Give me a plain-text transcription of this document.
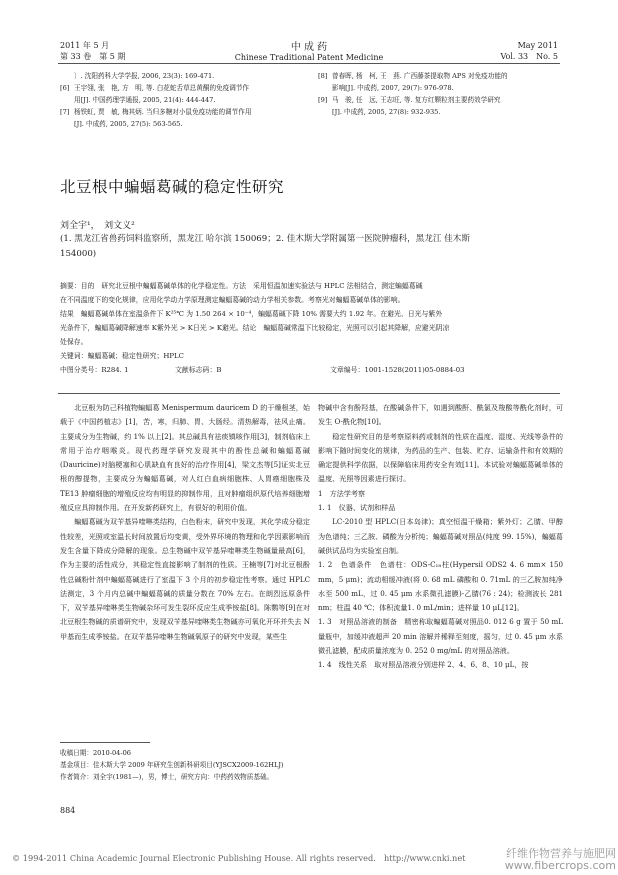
2011 年 5 月
第 33 卷　第 5 期
中 成 药
Chinese Traditional Patent Medicine
May 2011
Vol. 33　No. 5
〕. 沈阳药科大学学报, 2006, 23(3): 169-471.
[6] 王宇翎, 张　艳, 方　明, 等. 白花蛇舌草总黄酮的免疫调节作
用[J]. 中国药理学通报, 2005, 21(4): 444-447.
[7] 杨铁虹, 贾　敏, 梅其炳. 当归多糖对小鼠免疫功能的调节作用
[J]. 中成药, 2005, 27(5): 563-565.
[8] 曾春晖, 杨　柯, 王　燕. 广西藤茶提取物 APS 对免疫功能的
影响[J]. 中成药, 2007, 29(7): 976-978.
[9] 马　骏, 任　远, 王志旺, 等. 复方红颗粒剂主要药效学研究
[J]. 中成药, 2005, 27(8): 932-935.
北豆根中蝙蝠葛碱的稳定性研究
刘全宇¹，　刘文义²
(1. 黑龙江省兽药饲料监察所，黑龙江 哈尔滨 150069；2. 佳木斯大学附属第一医院肿瘤科，黑龙江 佳木斯
154000)
摘要：目的　研究北豆根中蝙蝠葛碱单体的化学稳定性。方法　采用恒温加速实验法与 HPLC 法相结合，测定蝙蝠葛碱
在不同温度下的变化规律，应用化学动力学原理测定蝙蝠葛碱的动力学相关参数。考察光对蝙蝠葛碱单体的影响。
结果　蝙蝠葛碱单体在室温条件下 K²⁵℃ 为 1.50 264 × 10⁻⁴，蝙蝠葛碱下降 10% 需要大约 1.92 年。在避光、日光与紫外
光条件下，蝙蝠葛碱降解速率 K紫外光 > K日光 > K避光。结论　蝙蝠葛碱常温下比较稳定，光照可以引起其降解，应避光阴凉
处保存。
关键词：蝙蝠葛碱；稳定性研究；HPLC
中图分类号：R284. 1	文献标志码：B	文章编号：1001-1528(2011)05-0884-03

北豆根为防己科植物蝙蝠葛 Menispermum dauricem D 的干燥根茎，始载于《中国药植志》[1]，苦，寒，归肺、胃、大肠经。清热解毒，祛风止痛。主要成分为生物碱，约 1% 以上[2]。其总碱具有祛痰镇咳作用[3]，制剂临床上常用于治疗咽喉炎。现代药理学研究发现其中的酚性总碱和蝙蝠葛碱(Dauricine)对脑梗塞和心肌缺血有良好的治疗作用[4]，梁文杰等[5]证实北豆根的醇提物，主要成分为蝙蝠葛碱，对人红白血病细胞株、人胃癌细胞株及 TE13 肿瘤细胞的增殖反应均有明显的抑制作用，且对肿瘤组织原代培养细胞增殖反应具抑制作用。在开发新药研究上，有很好的利用价值。

蝙蝠葛碱为双苄基异喹啉类结构，白色粉末，研究中发现，其化学成分稳定性较差，光照或室温长时间放置后均变黄，受外界环境的物理和化学因素影响而发生含量下降成分降解的现象。总生物碱中双苄基异喹啉类生物碱量最高[6]，作为主要的活性成分，其稳定性直接影响了制剂的性质。王楠等[7]对北豆根酚性总碱粉针剂中蝙蝠葛碱进行了室温下 3 个月的初步稳定性考察。通过 HPLC 法测定，3 个月内总碱中蝙蝠葛碱的质量分数在 70% 左右。在朗烈远原条件下，双苄基异喹啉类生物碱杂环可发生裂环反应生成季铵盐[8]。陈鹦等[9]在对北豆根生物碱的质谱研究中，发现双苄基异喹啉类生物碱亦可氧化开环并失去 N 甲基而生成季铵盐。在双苄基异喹啉生物碱氧原子的研究中发现，某些生

物碱中含有酚羟基，在酸碱条件下，如遇到酸酐、酰氯及羧酸等酰化剂时，可发生 O-酰化物[10]。

稳定性研究目的是考察原料药或制剂的性质在温度、湿度、光线等条件的影响下随时间变化的规律，为药品的生产、包装、贮存、运输条件和有效期的确定提供科学依据，以保障临床用药安全有效[11]。本试验对蝙蝠葛碱单体的温度、光照等因素进行探讨。

1　方法学考察
1. 1　仪器、试剂和样品

LC-2010 型 HPLC(日本岛津)；真空恒温干燥箱；紫外灯；乙腈、甲醇为色谱纯；三乙胺、磷酸为分析纯；蝙蝠葛碱对照品(纯度 99. 15%)，蝙蝠葛碱供试品均为实验室自制。

1. 2　色谱条件　色谱柱：ODS-C₁₈柱(Hypersil ODS2 4. 6 mm× 150 mm，5 μm)；流动相缓冲液(将 0. 68 mL 磷酸和 0. 71mL 的三乙胺加纯净水至 500 mL，过 0. 45 μm 水系微孔滤膜)-乙腈(76 : 24)；检测波长 281 nm；柱温 40 ℃；体积流量1. 0 mL/min；进样量 10 μL[12]。

1. 3　对照品溶液的制备　精密称取蝙蝠葛碱对照品0. 012 6 g 置于 50 mL 量瓶中，加缓冲液超声 20 min 溶解并稀释至刻度，摇匀，过 0. 45 μm 水系微孔滤膜，配成质量浓度为 0. 252 0 mg/mL 的对照品溶液。

1. 4　线性关系　取对照品溶液分别进样 2、4、6、8、10 μL，按

收稿日期：2010-04-06
基金项目：佳木斯大学 2009 年研究生创新科研项目(YJSCX2009-162HLJ)
作者简介：刘全宇(1981—)，男，博士，研究方向：中药药效物质基础。
884
© 1994-2011 China Academic Journal Electronic Publishing House. All rights reserved.　http://www.cnki.net	纤维作物营养与施肥网
www.fibercrops.com
